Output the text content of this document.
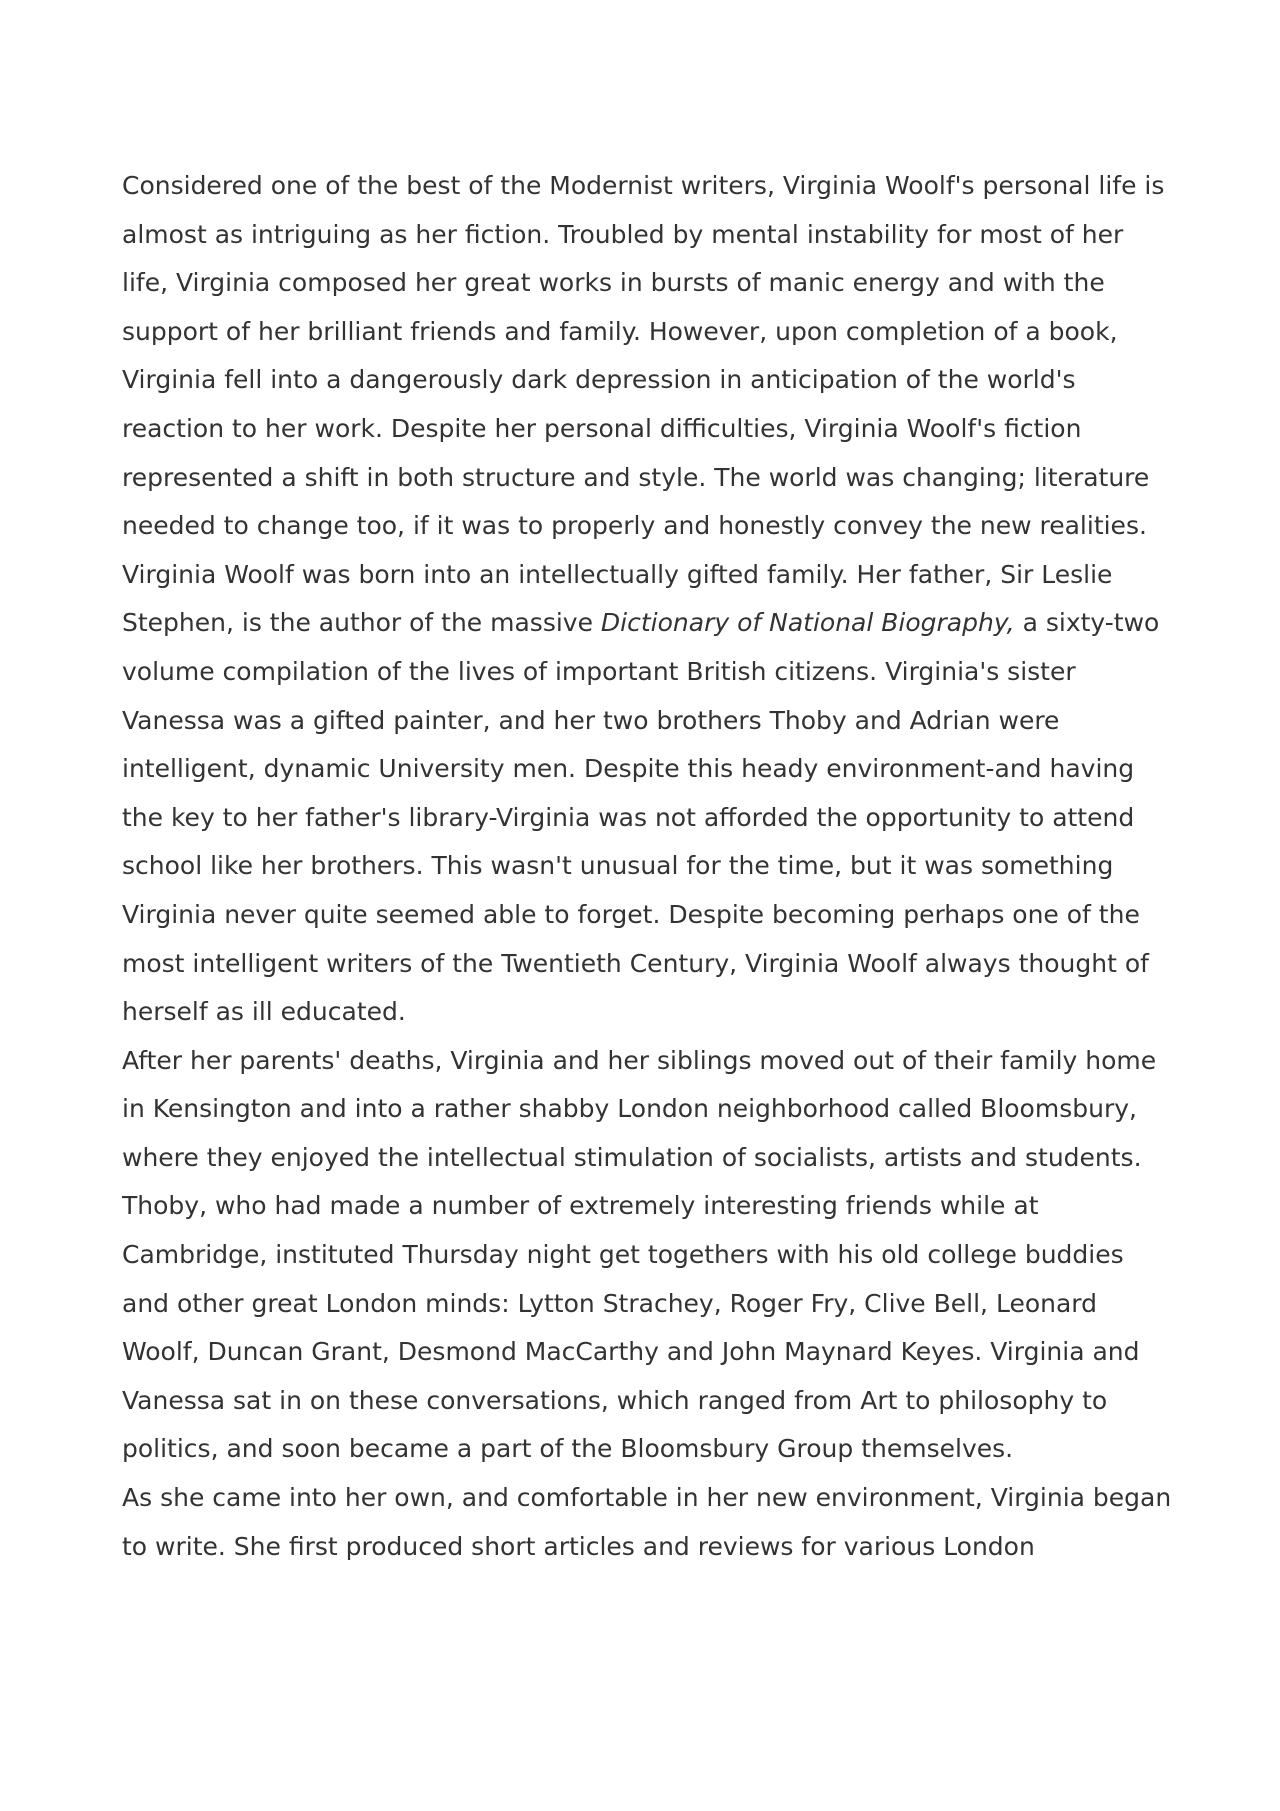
Considered one of the best of the Modernist writers, Virginia Woolf's personal life is almost as intriguing as her fiction. Troubled by mental instability for most of her life, Virginia composed her great works in bursts of manic energy and with the support of her brilliant friends and family. However, upon completion of a book, Virginia fell into a dangerously dark depression in anticipation of the world's reaction to her work. Despite her personal difficulties, Virginia Woolf's fiction represented a shift in both structure and style. The world was changing; literature needed to change too, if it was to properly and honestly convey the new realities.

Virginia Woolf was born into an intellectually gifted family. Her father, Sir Leslie Stephen, is the author of the massive Dictionary of National Biography, a sixty-two volume compilation of the lives of important British citizens. Virginia's sister Vanessa was a gifted painter, and her two brothers Thoby and Adrian were intelligent, dynamic University men. Despite this heady environment-and having the key to her father's library-Virginia was not afforded the opportunity to attend school like her brothers. This wasn't unusual for the time, but it was something Virginia never quite seemed able to forget. Despite becoming perhaps one of the most intelligent writers of the Twentieth Century, Virginia Woolf always thought of herself as ill educated.

After her parents' deaths, Virginia and her siblings moved out of their family home in Kensington and into a rather shabby London neighborhood called Bloomsbury, where they enjoyed the intellectual stimulation of socialists, artists and students. Thoby, who had made a number of extremely interesting friends while at Cambridge, instituted Thursday night get togethers with his old college buddies and other great London minds: Lytton Strachey, Roger Fry, Clive Bell, Leonard Woolf, Duncan Grant, Desmond MacCarthy and John Maynard Keyes. Virginia and Vanessa sat in on these conversations, which ranged from Art to philosophy to politics, and soon became a part of the Bloomsbury Group themselves.

As she came into her own, and comfortable in her new environment, Virginia began to write. She first produced short articles and reviews for various London
